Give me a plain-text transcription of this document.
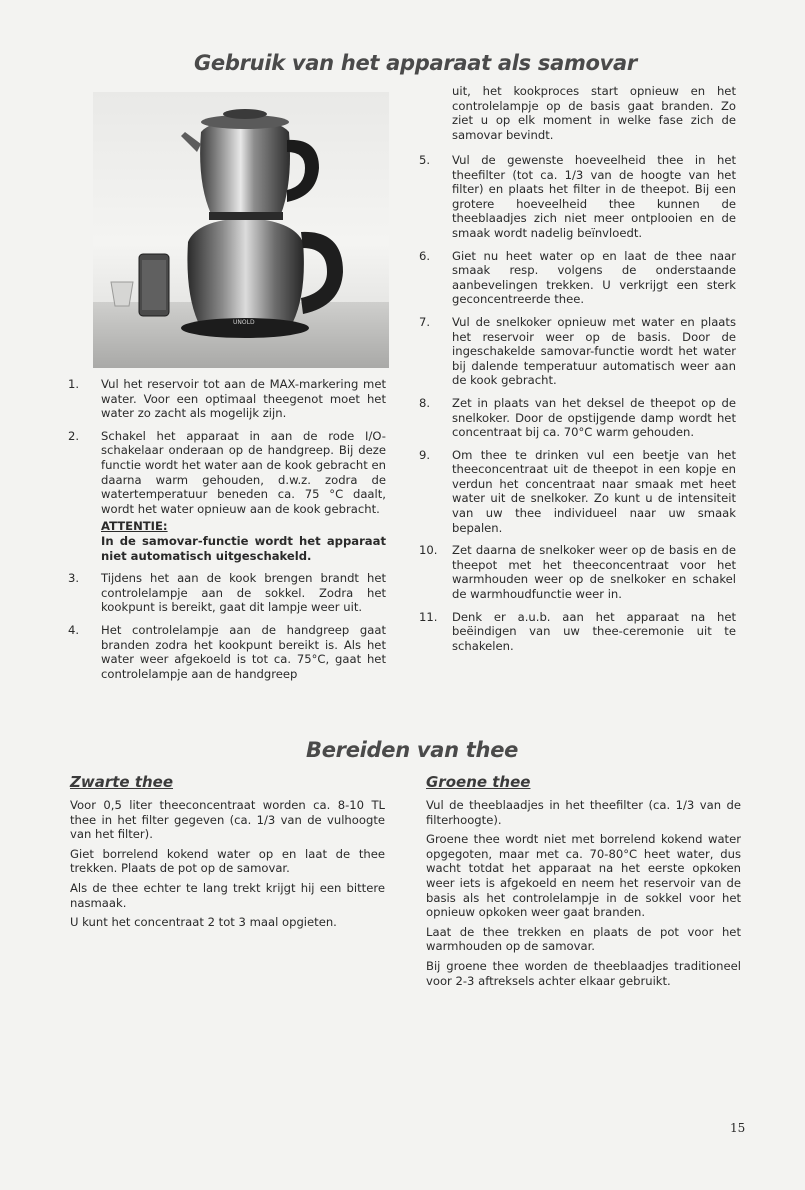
Gebruik van het apparaat als samovar
UNOLD
1. Vul het reservoir tot aan de MAX-markering met water. Voor een optimaal theegenot moet het water zo zacht als mogelijk zijn.
2. Schakel het apparaat in aan de rode I/O-schakelaar onderaan op de handgreep. Bij deze functie wordt het water aan de kook gebracht en daarna warm gehouden, d.w.z. zodra de watertemperatuur beneden ca. 75 °C daalt, wordt het water opnieuw aan de kook gebracht.
ATTENTIE:
In de samovar-functie wordt het apparaat niet automatisch uitgeschakeld.
3. Tijdens het aan de kook brengen brandt het controlelampje aan de sokkel. Zodra het kookpunt is bereikt, gaat dit lampje weer uit.
4. Het controlelampje aan de handgreep gaat branden zodra het kookpunt bereikt is. Als het water weer afgekoeld is tot ca. 75°C, gaat het controlelampje aan de handgreep

uit, het kookproces start opnieuw en het controlelampje op de basis gaat branden. Zo ziet u op elk moment in welke fase zich de samovar bevindt.

5. Vul de gewenste hoeveelheid thee in het theefilter (tot ca. 1/3 van de hoogte van het filter) en plaats het filter in de theepot. Bij een grotere hoeveelheid thee kunnen de theeblaadjes zich niet meer ontplooien en de smaak wordt nadelig beïnvloedt.
6. Giet nu heet water op en laat de thee naar smaak resp. volgens de onderstaande aanbevelingen trekken. U verkrijgt een sterk geconcentreerde thee.
7. Vul de snelkoker opnieuw met water en plaats het reservoir weer op de basis. Door de ingeschakelde samovar-functie wordt het water bij dalende temperatuur automatisch weer aan de kook gebracht.
8. Zet in plaats van het deksel de theepot op de snelkoker. Door de opstijgende damp wordt het concentraat bij ca. 70°C warm gehouden.
9. Om thee te drinken vul een beetje van het theeconcentraat uit de theepot in een kopje en verdun het concentraat naar smaak met heet water uit de snelkoker. Zo kunt u de intensiteit van uw thee individueel naar uw smaak bepalen.
10. Zet daarna de snelkoker weer op de basis en de theepot met het theeconcentraat voor het warmhouden weer op de snelkoker en schakel de warmhoudfunctie weer in.
11. Denk er a.u.b. aan het apparaat na het beëindigen van uw thee-ceremonie uit te schakelen.
Bereiden van thee
Zwarte thee

Voor 0,5 liter theeconcentraat worden ca. 8-10 TL thee in het filter gegeven (ca. 1/3 van de vulhoogte van het filter).

Giet borrelend kokend water op en laat de thee trekken. Plaats de pot op de samovar.

Als de thee echter te lang trekt krijgt hij een bittere nasmaak.

U kunt het concentraat 2 tot 3 maal opgieten.

Groene thee

Vul de theeblaadjes in het theefilter (ca. 1/3 van de filterhoogte).

Groene thee wordt niet met borrelend kokend water opgegoten, maar met ca. 70-80°C heet water, dus wacht totdat het apparaat na het eerste opkoken weer iets is afgekoeld en neem het reservoir van de basis als het controlelampje in de sokkel voor het opnieuw opkoken weer gaat branden.

Laat de thee trekken en plaats de pot voor het warmhouden op de samovar.

Bij groene thee worden de theeblaadjes traditioneel voor 2-3 aftreksels achter elkaar gebruikt.

15
